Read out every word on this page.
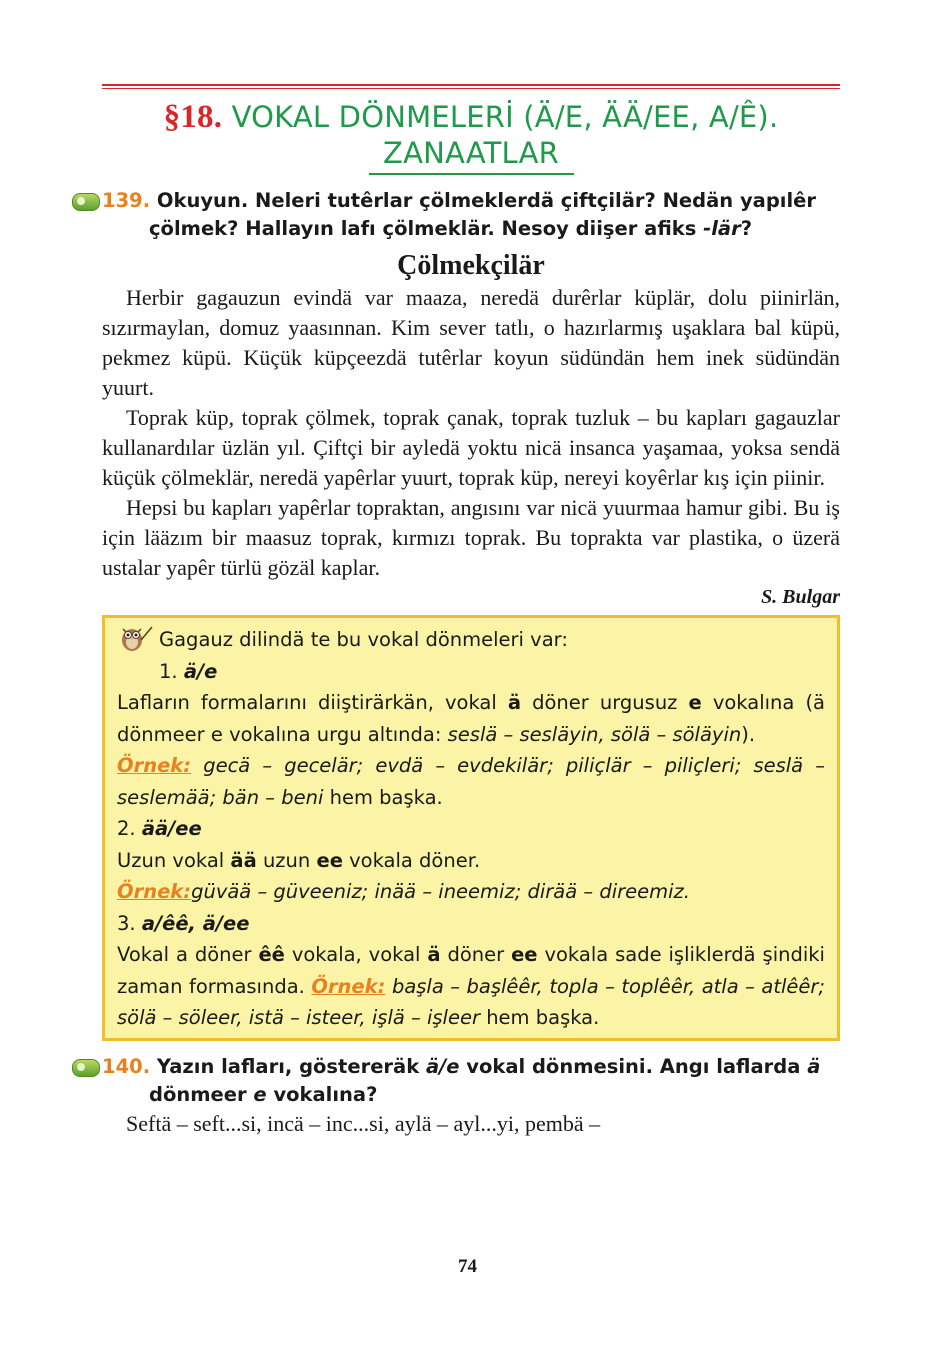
§18. VOKAL DÖNMELERİ (Ä/E, ÄÄ/EE, A/Ê).
ZANAATLAR
139. Okuyun. Neleri tutêrlar çölmeklerdä çiftçilär? Nedän yapılêr
çölmek? Hallayın lafı çölmeklär. Nesoy diişer afiks -lär?
Çölmekçilär

Herbir gagauzun evindä var maaza, neredä durêrlar küplär, dolu piinirlän, sızırmaylan, domuz yaasınnan. Kim sever tatlı, o hazırlarmış uşaklara bal küpü, pekmez küpü. Küçük küpçeezdä tutêrlar koyun südündän hem inek südündän yuurt.

Toprak küp, toprak çölmek, toprak çanak, toprak tuzluk – bu kapları gagauzlar kullanardılar üzlän yıl. Çiftçi bir ayledä yoktu nicä insanca yaşamaa, yoksa sendä küçük çölmeklär, neredä yapêrlar yuurt, toprak küp, nereyi koyêrlar kış için piinir.

Hepsi bu kapları yapêrlar topraktan, angısını var nicä yuurmaa hamur gibi. Bu iş için lääzım bir maasuz toprak, kırmızı toprak. Bu toprakta var plastika, o üzerä ustalar yapêr türlü gözäl kaplar.

S. Bulgar
Gagauz dilindä te bu vokal dönmeleri var:
1. ä/e
Lafların formalarını diiştirärkän, vokal ä döner urgusuz e vokalına (ä dönmeer e vokalına urgu altında: seslä – sesläyin, sölä – söläyin).
Örnek: gecä – gecelär; evdä – evdekilär; piliçlär – piliçleri; seslä – seslemää; bän – beni hem başka.
2. ää/ee
Uzun vokal ää uzun ee vokala döner.
Örnek:güvää – güveeniz; inää – ineemiz; dirää – direemiz.
3. a/êê, ä/ee
Vokal a döner êê vokala, vokal ä döner ee vokala sade işliklerdä şindiki zaman formasında. Örnek: başla – başlêêr, topla – toplêêr, atla – atlêêr; sölä – söleer, istä – isteer, işlä – işleer hem başka.
140. Yazın lafları, göstereräk ä/e vokal dönmesini. Angı laflarda ä
dönmeer e vokalına?
Seftä – seft...si, incä – inc...si, aylä – ayl...yi, pembä –
74
